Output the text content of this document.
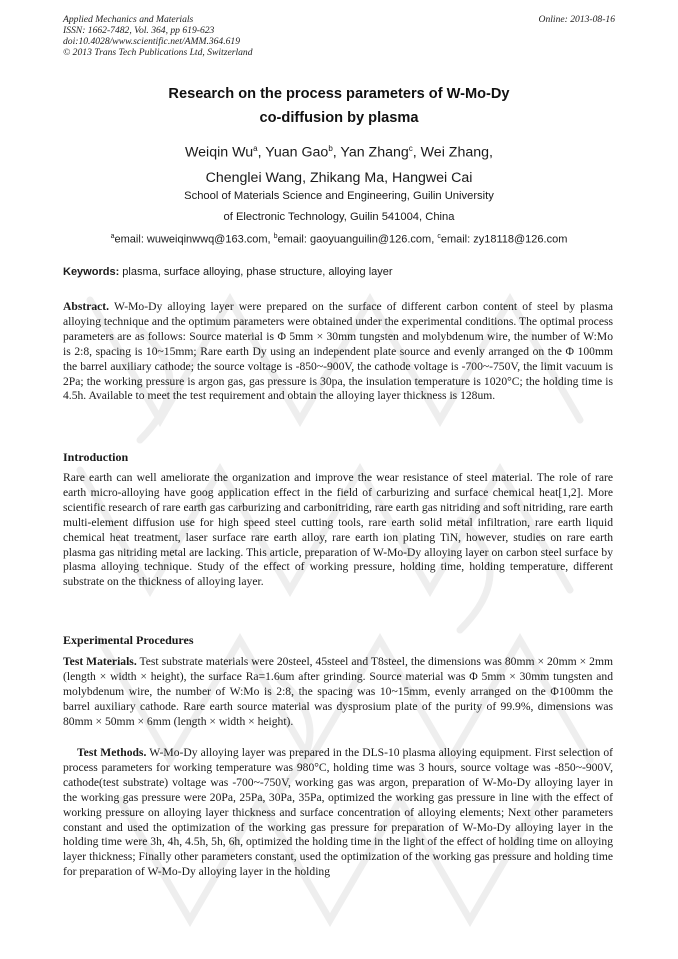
Applied Mechanics and Materials
ISSN: 1662-7482, Vol. 364, pp 619-623
doi:10.4028/www.scientific.net/AMM.364.619
© 2013 Trans Tech Publications Ltd, Switzerland
Online: 2013-08-16
Research on the process parameters of W-Mo-Dy
co-diffusion by plasma
Weiqin Wu$^a$, Yuan Gao$^b$, Yan Zhang$^c$, Wei Zhang,
Chenglei Wang, Zhikang Ma, Hangwei Cai
School of Materials Science and Engineering, Guilin University
of Electronic Technology, Guilin 541004, China
$^a$email: wuweiqinwwq@163.com, $^b$email: gaoyuanguilin@126.com, $^c$email: zy18118@126.com
Keywords: plasma, surface alloying, phase structure, alloying layer
Abstract. W-Mo-Dy alloying layer were prepared on the surface of different carbon content of steel by plasma alloying technique and the optimum parameters were obtained under the experimental conditions. The optimal process parameters are as follows: Source material is Φ 5mm × 30mm tungsten and molybdenum wire, the number of W:Mo is 2:8, spacing is 10~15mm; Rare earth Dy using an independent plate source and evenly arranged on the Φ 100mm the barrel auxiliary cathode; the source voltage is -850~-900V, the cathode voltage is -700~-750V, the limit vacuum is 2Pa; the working pressure is argon gas, gas pressure is 30pa, the insulation temperature is 1020°C; the holding time is 4.5h. Available to meet the test requirement and obtain the alloying layer thickness is 128um.
Introduction
Rare earth can well ameliorate the organization and improve the wear resistance of steel material. The role of rare earth micro-alloying have goog application effect in the field of carburizing and surface chemical heat[1,2]. More scientific research of rare earth gas carburizing and carbonitriding, rare earth gas nitriding and soft nitriding, rare earth multi-element diffusion use for high speed steel cutting tools, rare earth solid metal infiltration, rare earth liquid chemical heat treatment, laser surface rare earth alloy, rare earth ion plating TiN, however, studies on rare earth plasma gas nitriding metal are lacking. This article, preparation of W-Mo-Dy alloying layer on carbon steel surface by plasma alloying technique. Study of the effect of working pressure, holding time, holding temperature, different substrate on the thickness of alloying layer.
Experimental Procedures
Test Materials. Test substrate materials were 20steel, 45steel and T8steel, the dimensions was 80mm × 20mm × 2mm (length × width × height), the surface Ra=1.6um after grinding. Source material was Φ 5mm × 30mm tungsten and molybdenum wire, the number of W:Mo is 2:8, the spacing was 10~15mm, evenly arranged on the Φ100mm the barrel auxiliary cathode. Rare earth source material was dysprosium plate of the purity of 99.9%, dimensions was 80mm × 50mm × 6mm (length × width × height).
Test Methods. W-Mo-Dy alloying layer was prepared in the DLS-10 plasma alloying equipment. First selection of process parameters for working temperature was 980°C, holding time was 3 hours, source voltage was -850~-900V, cathode(test substrate) voltage was -700~-750V, working gas was argon, preparation of W-Mo-Dy alloying layer in the working gas pressure were 20Pa, 25Pa, 30Pa, 35Pa, optimized the working gas pressure in line with the effect of working pressure on alloying layer thickness and surface concentration of alloying elements; Next other parameters constant and used the optimization of the working gas pressure for preparation of W-Mo-Dy alloying layer in the holding time were 3h, 4h, 4.5h, 5h, 6h, optimized the holding time in the light of the effect of holding time on alloying layer thickness; Finally other parameters constant, used the optimization of the working gas pressure and holding time for preparation of W-Mo-Dy alloying layer in the holding
